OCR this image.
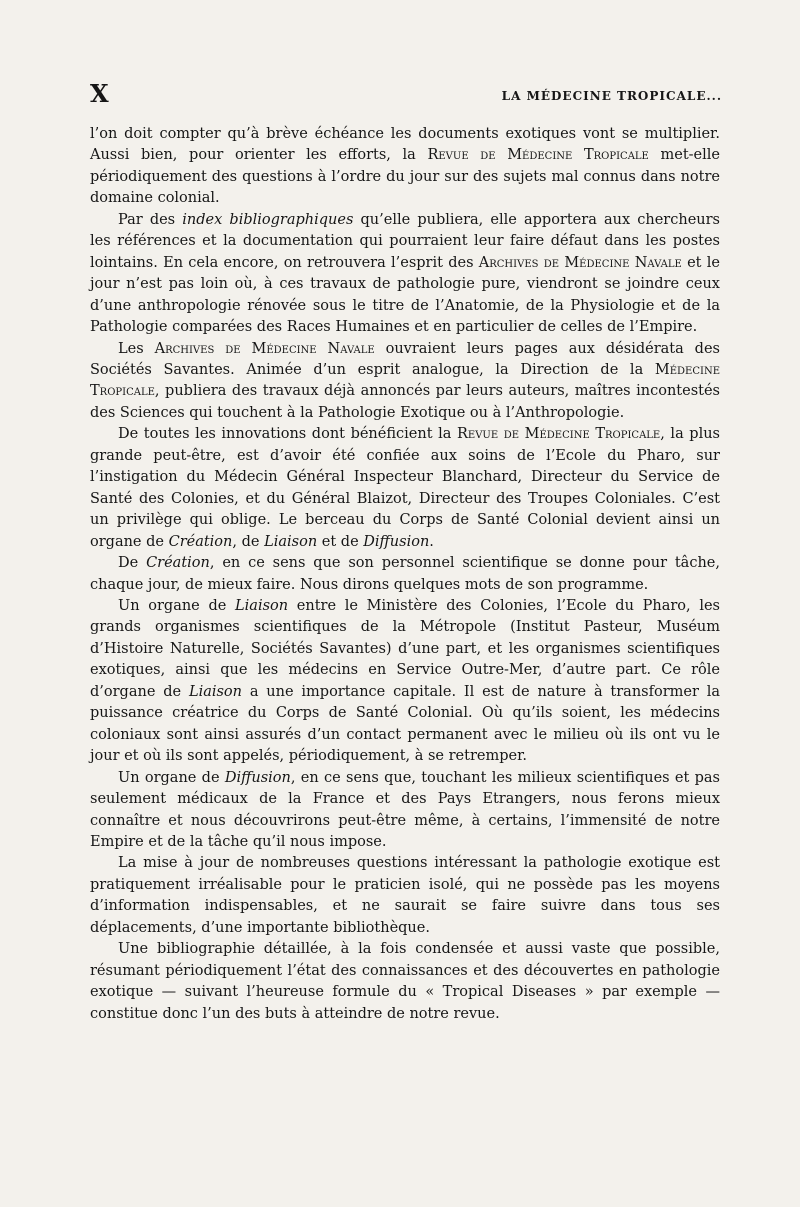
X	LA MÉDECINE TROPICALE...

l’on doit compter qu’à brève échéance les documents exotiques vont se multiplier. Aussi bien, pour orienter les efforts, la Revue de Médecine Tropicale met-elle périodiquement des questions à l’ordre du jour sur des sujets mal connus dans notre domaine colonial.

Par des index bibliographiques qu’elle publiera, elle apportera aux chercheurs les références et la documentation qui pourraient leur faire défaut dans les postes lointains. En cela encore, on retrouvera l’esprit des Archives de Médecine Navale et le jour n’est pas loin où, à ces travaux de pathologie pure, viendront se joindre ceux d’une anthropologie rénovée sous le titre de l’Anatomie, de la Physiologie et de la Pathologie comparées des Races Humaines et en particulier de celles de l’Empire.

Les Archives de Médecine Navale ouvraient leurs pages aux désidérata des Sociétés Savantes. Animée d’un esprit analogue, la Direction de la Médecine Tropicale, publiera des travaux déjà annoncés par leurs auteurs, maîtres incontestés des Sciences qui touchent à la Pathologie Exotique ou à l’Anthropologie.

De toutes les innovations dont bénéficient la Revue de Médecine Tropicale, la plus grande peut-être, est d’avoir été confiée aux soins de l’Ecole du Pharo, sur l’instigation du Médecin Général Inspecteur Blanchard, Directeur du Service de Santé des Colonies, et du Général Blaizot, Directeur des Troupes Coloniales. C’est un privilège qui oblige. Le berceau du Corps de Santé Colonial devient ainsi un organe de Création, de Liaison et de Diffusion.

De Création, en ce sens que son personnel scientifique se donne pour tâche, chaque jour, de mieux faire. Nous dirons quelques mots de son programme.

Un organe de Liaison entre le Ministère des Colonies, l’Ecole du Pharo, les grands organismes scientifiques de la Métropole (Institut Pasteur, Muséum d’Histoire Naturelle, Sociétés Savantes) d’une part, et les organismes scientifiques exotiques, ainsi que les médecins en Service Outre-Mer, d’autre part. Ce rôle d’organe de Liaison a une importance capitale. Il est de nature à transformer la puissance créatrice du Corps de Santé Colonial. Où qu’ils soient, les médecins coloniaux sont ainsi assurés d’un contact permanent avec le milieu où ils ont vu le jour et où ils sont appelés, périodiquement, à se retremper.

Un organe de Diffusion, en ce sens que, touchant les milieux scientifiques et pas seulement médicaux de la France et des Pays Etrangers, nous ferons mieux connaître et nous découvrirons peut-être même, à certains, l’immensité de notre Empire et de la tâche qu’il nous impose.

La mise à jour de nombreuses questions intéressant la pathologie exotique est pratiquement irréalisable pour le praticien isolé, qui ne possède pas les moyens d’information indispensables, et ne saurait se faire suivre dans tous ses déplacements, d’une importante bibliothèque.

Une bibliographie détaillée, à la fois condensée et aussi vaste que possible, résumant périodiquement l’état des connaissances et des découvertes en pathologie exotique — suivant l’heureuse formule du « Tropical Diseases » par exemple — constitue donc l’un des buts à atteindre de notre revue.
